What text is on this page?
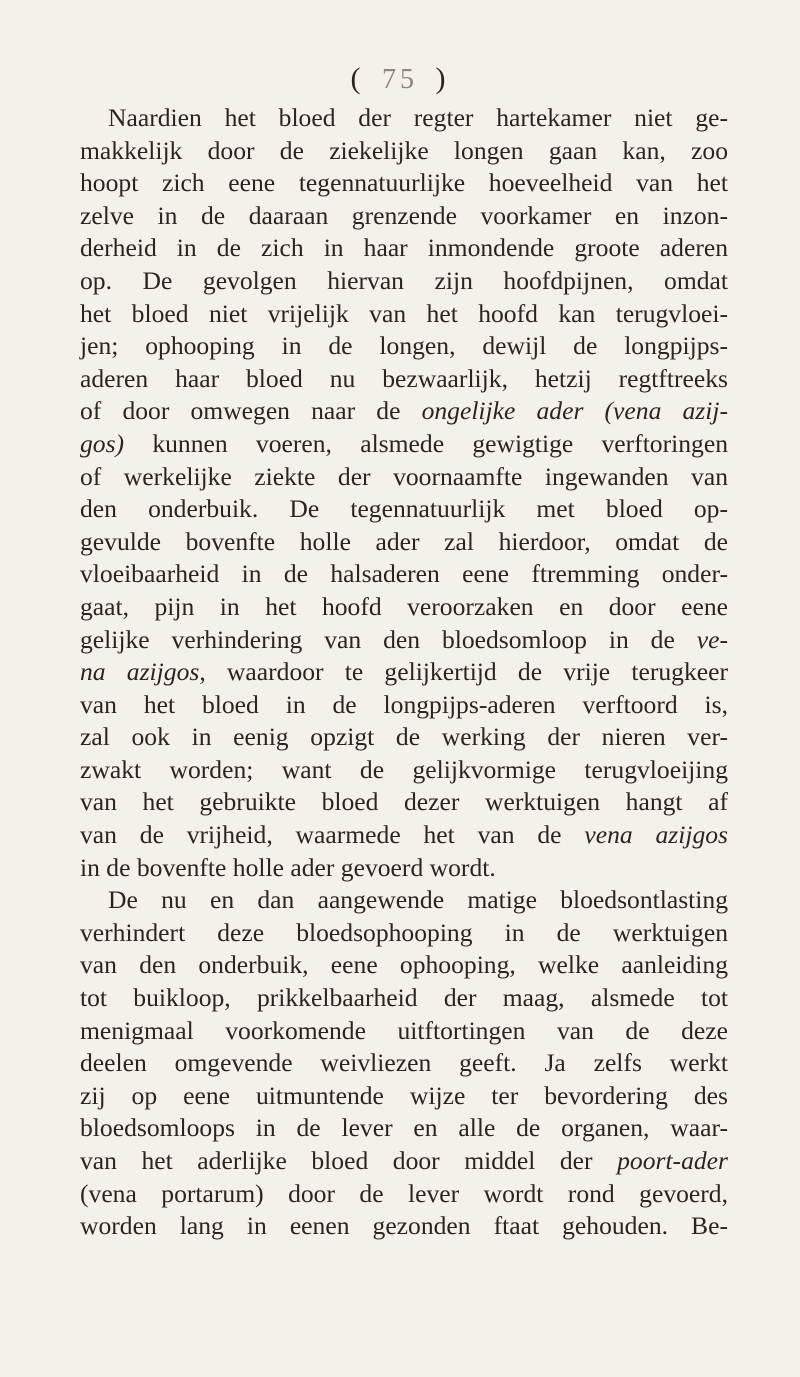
( 75 )
Naardien het bloed der regter hartekamer niet ge-
makkelijk door de ziekelijke longen gaan kan, zoo
hoopt zich eene tegennatuurlijke hoeveelheid van het
zelve in de daaraan grenzende voorkamer en inzon-
derheid in de zich in haar inmondende groote aderen
op. De gevolgen hiervan zijn hoofdpijnen, omdat
het bloed niet vrijelijk van het hoofd kan terugvloei-
jen; ophooping in de longen, dewijl de longpijps-
aderen haar bloed nu bezwaarlijk, hetzij regtftreeks
of door omwegen naar de ongelijke ader (vena azij-
gos) kunnen voeren, alsmede gewigtige verftoringen
of werkelijke ziekte der voornaamfte ingewanden van
den onderbuik. De tegennatuurlijk met bloed op-
gevulde bovenfte holle ader zal hierdoor, omdat de
vloeibaarheid in de halsaderen eene ftremming onder-
gaat, pijn in het hoofd veroorzaken en door eene
gelijke verhindering van den bloedsomloop in de ve-
na azijgos, waardoor te gelijkertijd de vrije terugkeer
van het bloed in de longpijps-aderen verftoord is,
zal ook in eenig opzigt de werking der nieren ver-
zwakt worden; want de gelijkvormige terugvloeijing
van het gebruikte bloed dezer werktuigen hangt af
van de vrijheid, waarmede het van de vena azijgos
in de bovenfte holle ader gevoerd wordt.
De nu en dan aangewende matige bloedsontlasting
verhindert deze bloedsophooping in de werktuigen
van den onderbuik, eene ophooping, welke aanleiding
tot buikloop, prikkelbaarheid der maag, alsmede tot
menigmaal voorkomende uitftortingen van de deze
deelen omgevende weivliezen geeft. Ja zelfs werkt
zij op eene uitmuntende wijze ter bevordering des
bloedsomloops in de lever en alle de organen, waar-
van het aderlijke bloed door middel der poort-ader
(vena portarum) door de lever wordt rond gevoerd,
worden lang in eenen gezonden ftaat gehouden. Be-
